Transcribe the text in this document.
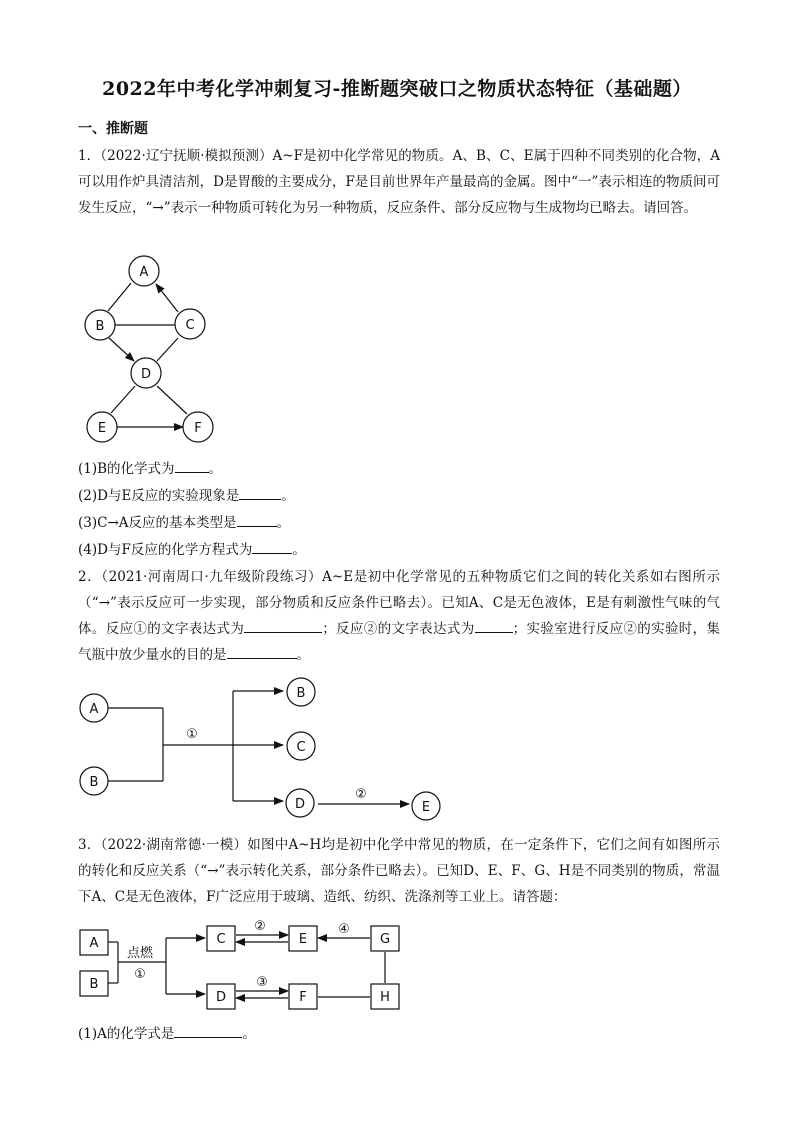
2022年中考化学冲刺复习-推断题突破口之物质状态特征（基础题）
一、推断题

1．（2022·辽宁抚顺·模拟预测）A~F是初中化学常见的物质。A、B、C、E属于四种不同类别的化合物，A可以用作炉具清洁剂，D是胃酸的主要成分，F是目前世界年产量最高的金属。图中“一”表示相连的物质间可发生反应，“→”表示一种物质可转化为另一种物质，反应条件、部分反应物与生成物均已略去。请回答。

A
B	C
D
E	F
①
②
A
B
C
B
D	E
点燃
①
②	④
③
A
B
C	E	G
D	F	H

(1)B的化学式为	。

(2)D与E反应的实验现象是	。

(3)C→A反应的基本类型是	。

(4)D与F反应的化学方程式为	。

2．（2021·河南周口·九年级阶段练习）A~E是初中化学常见的五种物质它们之间的转化关系如右图所示（“→”表示反应可一步实现，部分物质和反应条件已略去）。已知A、C是无色液体，E是有刺激性气味的气体。反应①的文字表达式为	；反应②的文字表达式为	；实验室进行反应②的实验时，集气瓶中放少量水的目的是	。

3．（2022·湖南常德·一模）如图中A~H均是初中化学中常见的物质，在一定条件下，它们之间有如图所示的转化和反应关系（“→”表示转化关系，部分条件已略去）。已知D、E、F、G、H是不同类别的物质，常温下A、C是无色液体，F广泛应用于玻璃、造纸、纺织、洗涤剂等工业上。请答题：

(1)A的化学式是	。
